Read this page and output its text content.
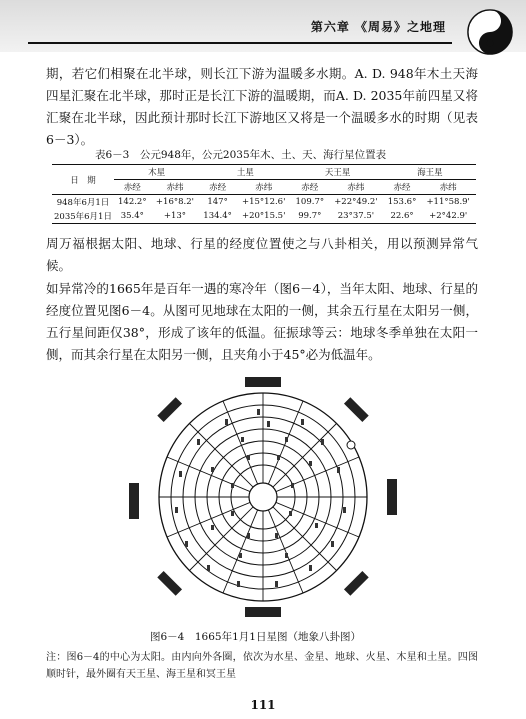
第六章 《周易》之地理

期，若它们相聚在北半球，则长江下游为温暖多水期。A. D. 948年木土天海四星汇聚在北半球，那时正是长江下游的温暖期，而A. D. 2035年前四星又将汇聚在北半球，因此预计那时长江下游地区又将是一个温暖多水的时期（见表6－3）。

表6－3　公元948年，公元2035年木、土、天、海行星位置表
日　期	木星		土星		天王星		海王星	
	赤经	赤纬	赤经	赤纬	赤经	赤纬	赤经	赤纬
948年6月1日	142.2°	+16°8.2'	147°	+15°12.6'	109.7°	+22°49.2'	153.6°	+11°58.9'
2035年6月1日	35.4°	+13°	134.4°	+20°15.5'	99.7°	23°37.5'	22.6°	+2°42.9'

周万福根据太阳、地球、行星的经度位置使之与八卦相关，用以预测异常气候。

如异常冷的1665年是百年一遇的寒冷年（图6－4），当年太阳、地球、行星的经度位置见图6－4。从图可见地球在太阳的一侧，其余五行星在太阳另一侧，五行星间距仅38°，形成了该年的低温。征振球等云：地球冬季单独在太阳一侧，而其余行星在太阳另一侧，且夹角小于45°必为低温年。

图6－4　1665年1月1日星图（地象八卦图）

注：图6－4的中心为太阳。由内向外各圈，依次为水星、金星、地球、火星、木星和土星。四图顺时针，最外圈有天王星、海王星和冥王星

111
